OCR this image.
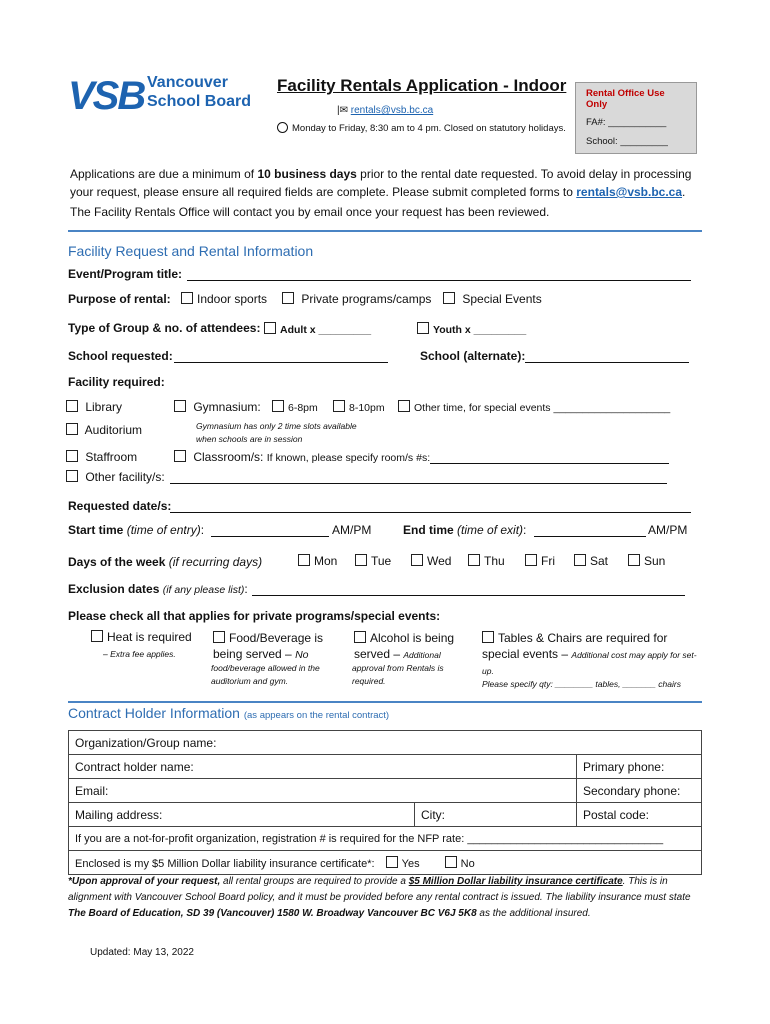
VSB Vancouver
School Board
Facility Rentals Application - Indoor
|✉ rentals@vsb.bc.ca
Monday to Friday, 8:30 am to 4 pm. Closed on statutory holidays.
Rental Office Use Only
FA#: ___________
School: _________
Applications are due a minimum of 10 business days prior to the rental date requested. To avoid delay in processing your request, please ensure all required fields are complete. Please submit completed forms to rentals@vsb.bc.ca.
The Facility Rentals Office will contact you by email once your request has been reviewed.
Facility Request and Rental Information
Event/Program title:
Purpose of rental:	Indoor sports	Private programs/camps	Special Events
Type of Group & no. of attendees:	Adult x _________	Youth x _________
School requested:	School (alternate):
Facility required:
Library
Auditorium
Staffroom
Gymnasium:	6-8pm	8-10pm	Other time, for special events ____________________
Gymnasium has only 2 time slots available when schools are in session
Classroom/s: If known, please specify room/s #s:
Other facility/s:
Requested date/s:
Start time (time of entry):	AM/PM	End time (time of exit):	AM/PM
Days of the week (if recurring days)	Mon	Tue	Wed	Thu	Fri	Sat	Sun
Exclusion dates (if any please list):
Please check all that applies for private programs/special events:
Heat is required
– Extra fee applies.
Food/Beverage is being served – No
food/beverage allowed in the auditorium and gym.
Alcohol is being served – Additional
approval from Rentals is required.
Tables & Chairs are required for special events – Additional cost may apply for set-up.
Please specify qty: ________ tables, _______ chairs
Contract Holder Information (as appears on the rental contract)
Organization/Group name:		
Contract holder name:		Primary phone:
Email:		Secondary phone:
Mailing address:	City:	Postal code:
If you are a not-for-profit organization, registration # is required for the NFP rate: ________________________________		
Enclosed is my $5 Million Dollar liability insurance certificate*: Yes No		
*Upon approval of your request, all rental groups are required to provide a $5 Million Dollar liability insurance certificate. This is in alignment with Vancouver School Board policy, and it must be provided before any rental contract is issued. The liability insurance must state The Board of Education, SD 39 (Vancouver) 1580 W. Broadway Vancouver BC V6J 5K8 as the additional insured.
Updated: May 13, 2022
